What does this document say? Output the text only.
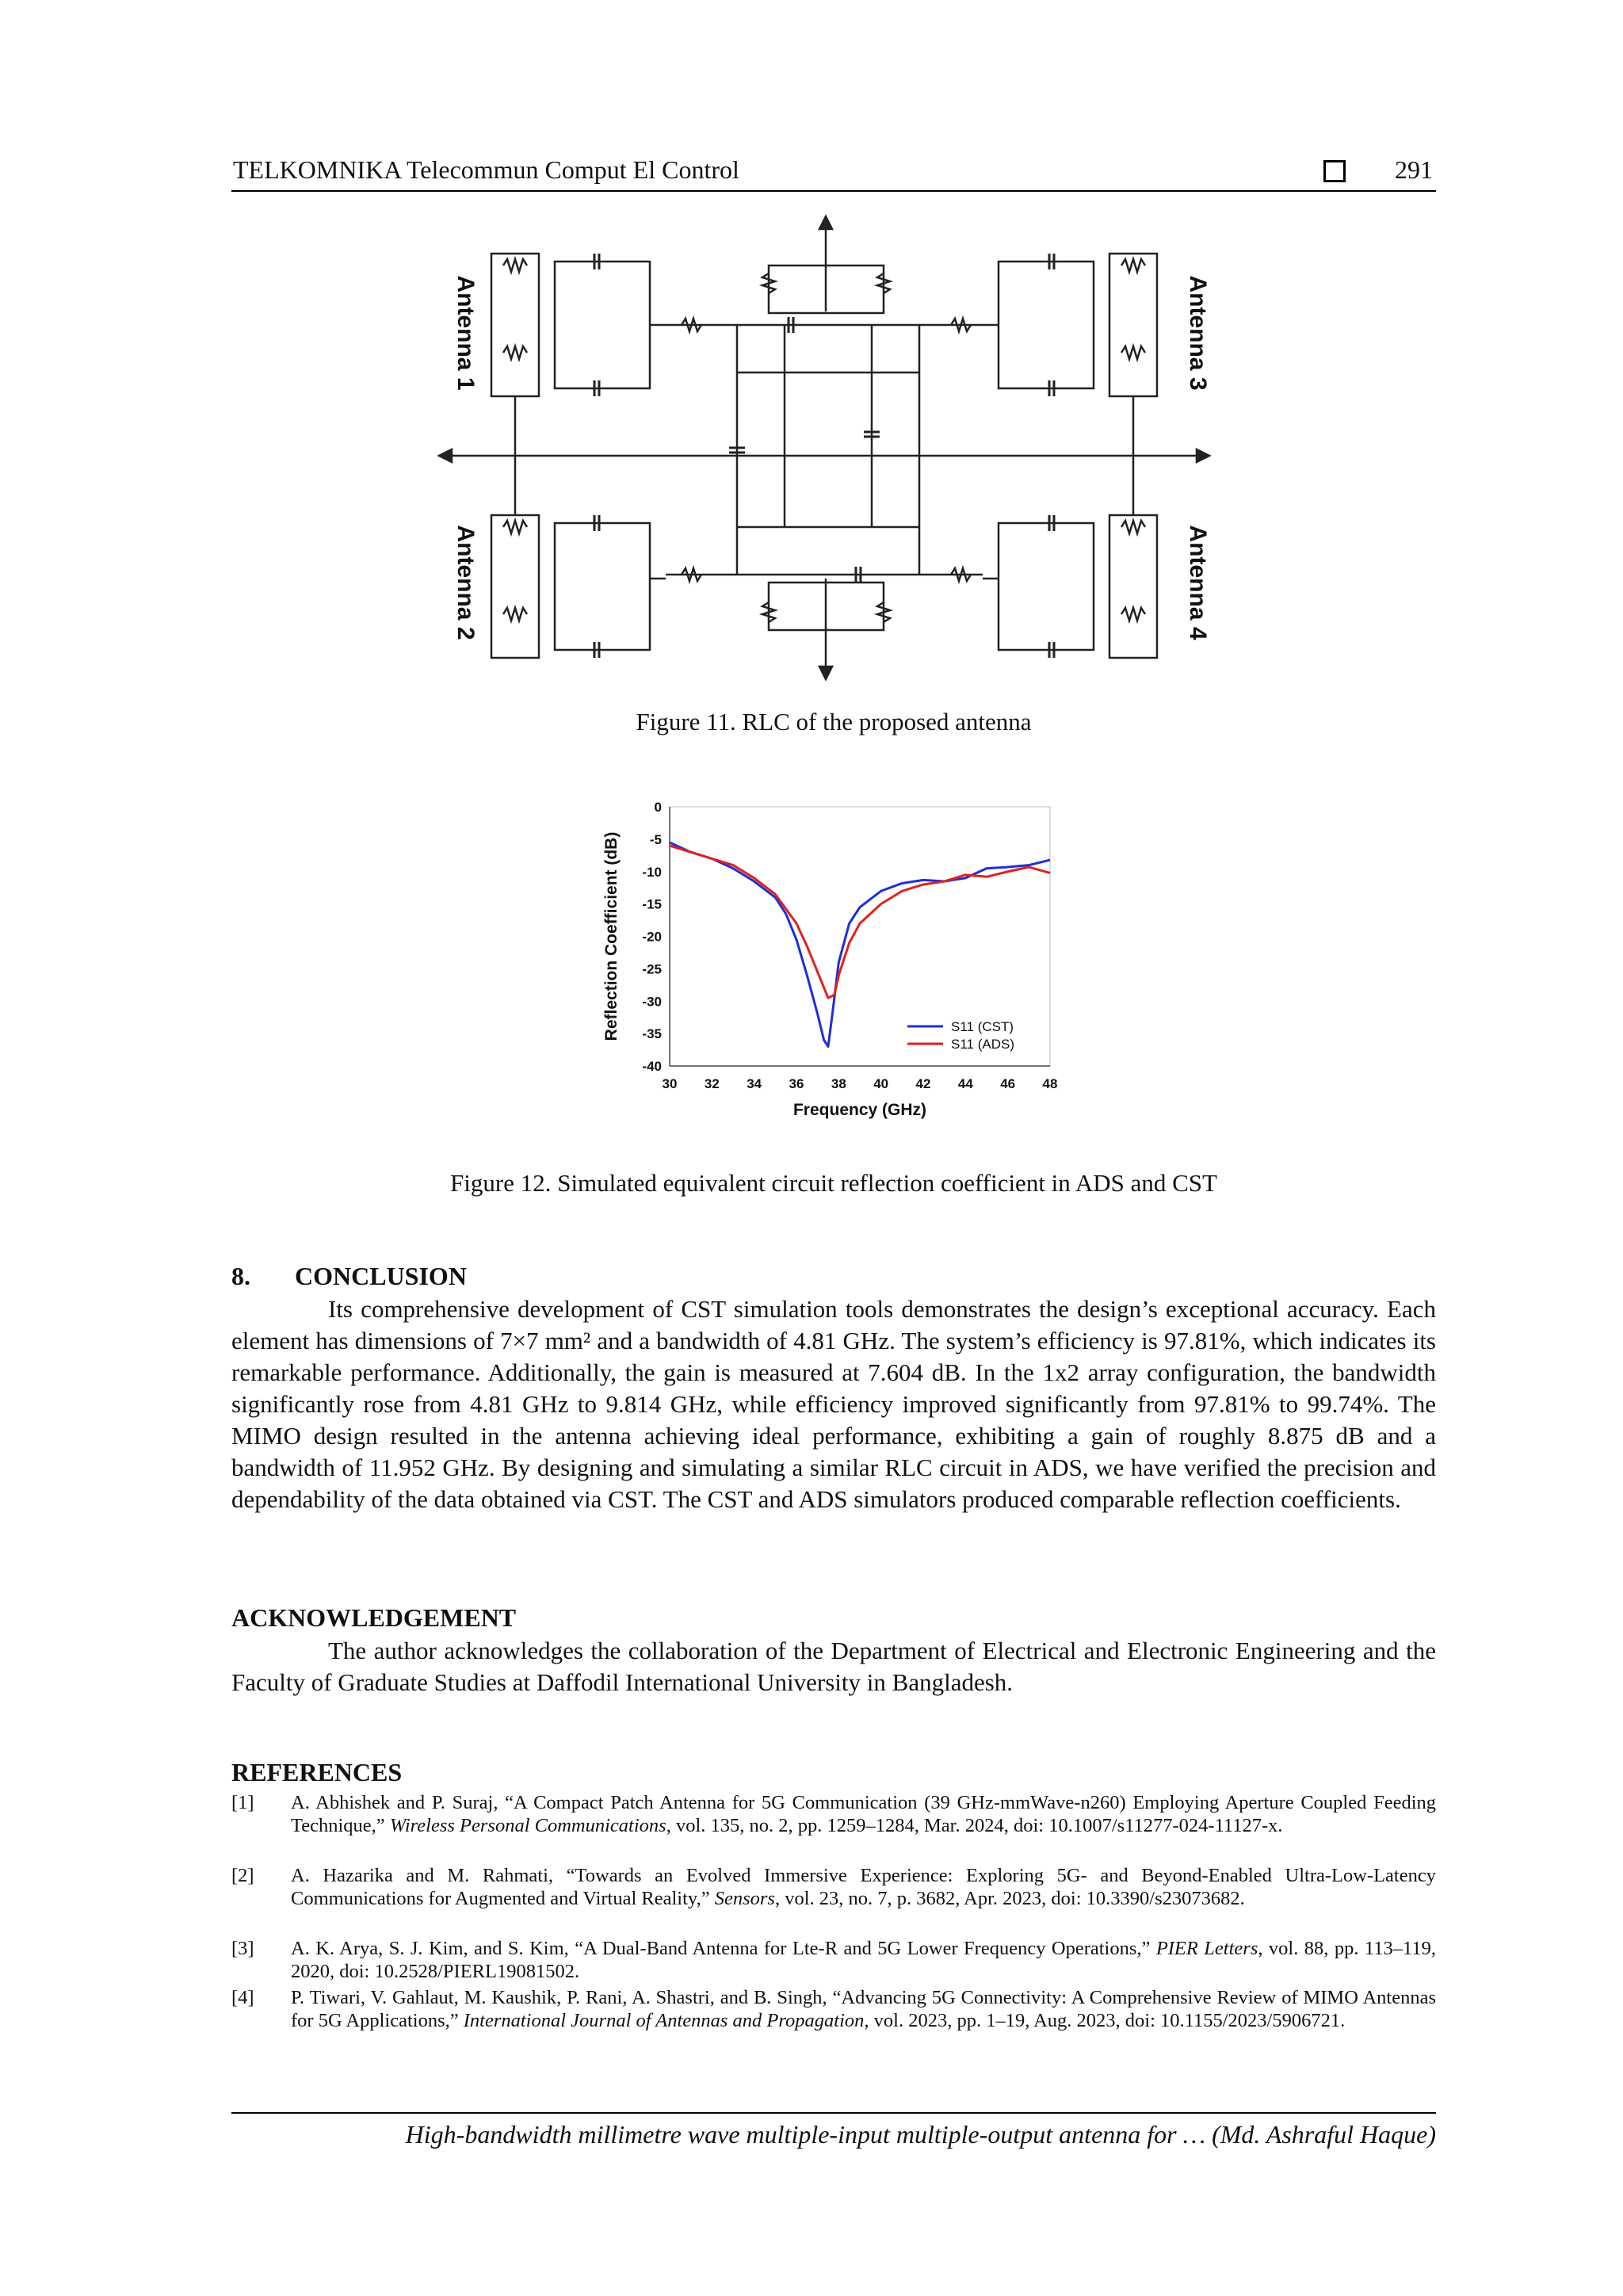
TELKOMNIKA Telecommun Comput El Control	291
Antenna 1
Antenna 2
Antenna 3
Antenna 4
Figure 11. RLC of the proposed antenna
30 32 34 36 38 40 42 44 46 48
0
-5
-10
-15
-20
-25
-30
-35
-40
Frequency (GHz)
Reflection Coefficient (dB)	S11 (CST)
S11 (ADS)
Figure 12. Simulated equivalent circuit reflection coefficient in ADS and CST
8. CONCLUSION
Its comprehensive development of CST simulation tools demonstrates the design’s exceptional accuracy. Each element has dimensions of 7×7 mm² and a bandwidth of 4.81 GHz. The system’s efficiency is 97.81%, which indicates its remarkable performance. Additionally, the gain is measured at 7.604 dB. In the 1x2 array configuration, the bandwidth significantly rose from 4.81 GHz to 9.814 GHz, while efficiency improved significantly from 97.81% to 99.74%. The MIMO design resulted in the antenna achieving ideal performance, exhibiting a gain of roughly 8.875 dB and a bandwidth of 11.952 GHz. By designing and simulating a similar RLC circuit in ADS, we have verified the precision and dependability of the data obtained via CST. The CST and ADS simulators produced comparable reflection coefficients.
ACKNOWLEDGEMENT
The author acknowledges the collaboration of the Department of Electrical and Electronic Engineering and the Faculty of Graduate Studies at Daffodil International University in Bangladesh.
REFERENCES
[1] A. Abhishek and P. Suraj, “A Compact Patch Antenna for 5G Communication (39 GHz-mmWave-n260) Employing Aperture Coupled Feeding Technique,” Wireless Personal Communications, vol. 135, no. 2, pp. 1259–1284, Mar. 2024, doi: 10.1007/s11277-024-11127-x.
[2] A. Hazarika and M. Rahmati, “Towards an Evolved Immersive Experience: Exploring 5G- and Beyond-Enabled Ultra-Low-Latency Communications for Augmented and Virtual Reality,” Sensors, vol. 23, no. 7, p. 3682, Apr. 2023, doi: 10.3390/s23073682.
[3] A. K. Arya, S. J. Kim, and S. Kim, “A Dual-Band Antenna for Lte-R and 5G Lower Frequency Operations,” PIER Letters, vol. 88, pp. 113–119, 2020, doi: 10.2528/PIERL19081502.
[4] P. Tiwari, V. Gahlaut, M. Kaushik, P. Rani, A. Shastri, and B. Singh, “Advancing 5G Connectivity: A Comprehensive Review of MIMO Antennas for 5G Applications,” International Journal of Antennas and Propagation, vol. 2023, pp. 1–19, Aug. 2023, doi: 10.1155/2023/5906721.
High-bandwidth millimetre wave multiple-input multiple-output antenna for … (Md. Ashraful Haque)
